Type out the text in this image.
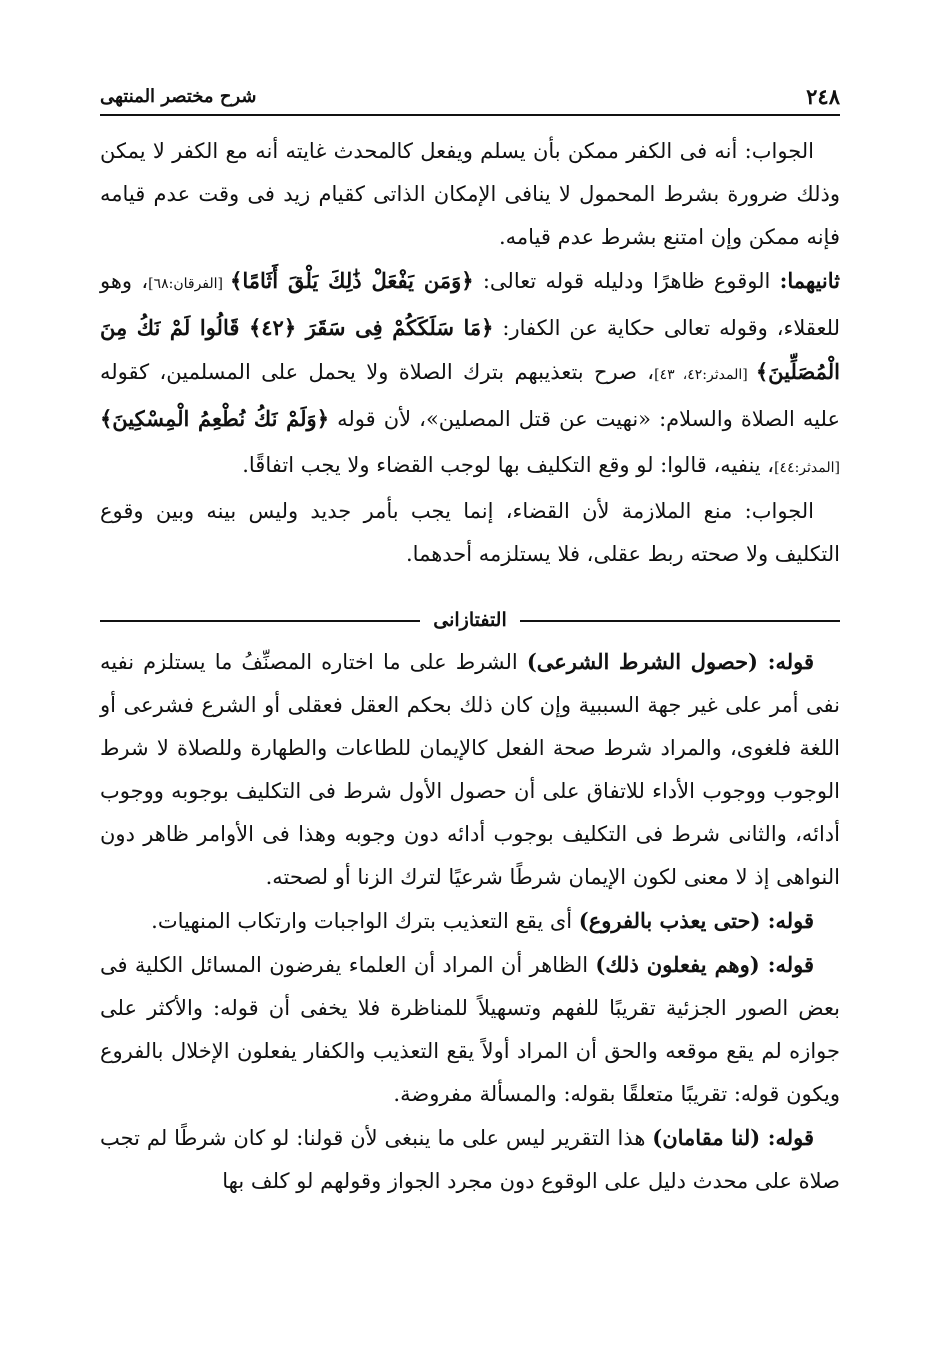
٢٤٨
شرح مختصر المنتهى

الجواب: أنه فى الكفر ممكن بأن يسلم ويفعل كالمحدث غايته أنه مع الكفر لا يمكن وذلك ضرورة بشرط المحمول لا ينافى الإمكان الذاتى كقيام زيد فى وقت عدم قيامه فإنه ممكن وإن امتنع بشرط عدم قيامه.

ثانيهما: الوقوع ظاهرًا ودليله قوله تعالى: ﴿وَمَن يَفْعَلْ ذَٰلِكَ يَلْقَ أَثَامًا﴾ [الفرقان:٦٨]، وهو للعقلاء، وقوله تعالى حكاية عن الكفار: ﴿مَا سَلَكَكُمْ فِى سَقَرَ ﴿٤٢﴾ قَالُوا لَمْ نَكُ مِنَ الْمُصَلِّينَ﴾ [المدثر:٤٢، ٤٣]، صرح بتعذيبهم بترك الصلاة ولا يحمل على المسلمين، كقوله عليه الصلاة والسلام: «نهيت عن قتل المصلين»، لأن قوله ﴿وَلَمْ نَكُ نُطْعِمُ الْمِسْكِينَ﴾ [المدثر:٤٤]، ينفيه، قالوا: لو وقع التكليف بها لوجب القضاء ولا يجب اتفاقًا.

الجواب: منع الملازمة لأن القضاء، إنما يجب بأمر جديد وليس بينه وبين وقوع التكليف ولا صحته ربط عقلى، فلا يستلزمه أحدهما.

التفتازانى

قوله: (حصول الشرط الشرعى) الشرط على ما اختاره المصنِّفُ ما يستلزم نفيه نفى أمر على غير جهة السببية وإن كان ذلك بحكم العقل فعقلى أو الشرع فشرعى أو اللغة فلغوى، والمراد شرط صحة الفعل كالإيمان للطاعات والطهارة وللصلاة لا شرط الوجوب ووجوب الأداء للاتفاق على أن حصول الأول شرط فى التكليف بوجوبه ووجوب أدائه، والثانى شرط فى التكليف بوجوب أدائه دون وجوبه وهذا فى الأوامر ظاهر دون النواهى إذ لا معنى لكون الإيمان شرطًا شرعيًا لترك الزنا أو لصحته.

قوله: (حتى يعذب بالفروع) أى يقع التعذيب بترك الواجبات وارتكاب المنهيات.

قوله: (وهم يفعلون ذلك) الظاهر أن المراد أن العلماء يفرضون المسائل الكلية فى بعض الصور الجزئية تقريبًا للفهم وتسهيلاً للمناظرة فلا يخفى أن قوله: والأكثر على جوازه لم يقع موقعه والحق أن المراد أولاً يقع التعذيب والكفار يفعلون الإخلال بالفروع ويكون قوله: تقريبًا متعلقًا بقوله: والمسألة مفروضة.

قوله: (لنا مقامان) هذا التقرير ليس على ما ينبغى لأن قولنا: لو كان شرطًا لم تجب صلاة على محدث دليل على الوقوع دون مجرد الجواز وقولهم لو كلف بها
